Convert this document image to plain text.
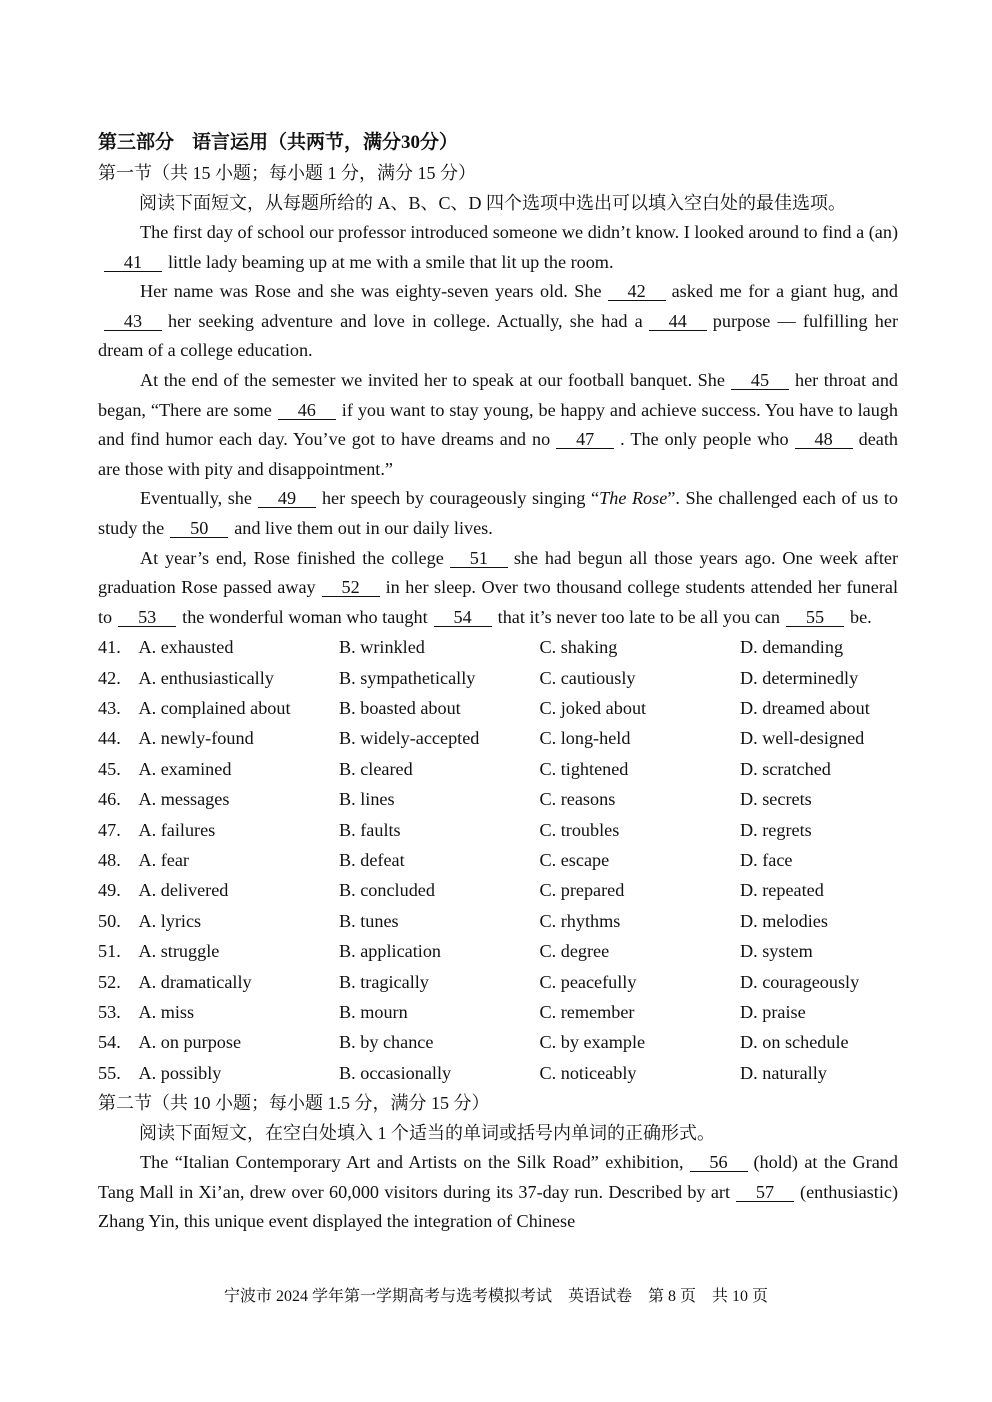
第三部分 语言运用（共两节，满分30分）
第一节（共 15 小题；每小题 1 分，满分 15 分）
阅读下面短文，从每题所给的 A、B、C、D 四个选项中选出可以填入空白处的最佳选项。

The first day of school our professor introduced someone we didn’t know. I looked around to find a (an)41 little lady beaming up at me with a smile that lit up the room.

Her name was Rose and she was eighty-seven years old. She 42 asked me for a giant hug, and43 her seeking adventure and love in college. Actually, she had a 44 purpose — fulfilling her dream of a college education.

At the end of the semester we invited her to speak at our football banquet. She 45 her throat and began, “There are some 46 if you want to stay young, be happy and achieve success. You have to laugh and find humor each day. You’ve got to have dreams and no 47 . The only people who 48 death are those with pity and disappointment.”

Eventually, she 49 her speech by courageously singing “The Rose”. She challenged each of us to study the 50 and live them out in our daily lives.

At year’s end, Rose finished the college 51 she had begun all those years ago. One week after graduation Rose passed away 52 in her sleep. Over two thousand college students attended her funeral to 53 the wonderful woman who taught 54 that it’s never too late to be all you can 55 be.

41. A. exhausted	B. wrinkled	C. shaking	D. demanding
42. A. enthusiastically	B. sympathetically	C. cautiously	D. determinedly
43. A. complained about	B. boasted about	C. joked about	D. dreamed about
44. A. newly-found	B. widely-accepted	C. long-held	D. well-designed
45. A. examined	B. cleared	C. tightened	D. scratched
46. A. messages	B. lines	C. reasons	D. secrets
47. A. failures	B. faults	C. troubles	D. regrets
48. A. fear	B. defeat	C. escape	D. face
49. A. delivered	B. concluded	C. prepared	D. repeated
50. A. lyrics	B. tunes	C. rhythms	D. melodies
51. A. struggle	B. application	C. degree	D. system
52. A. dramatically	B. tragically	C. peacefully	D. courageously
53. A. miss	B. mourn	C. remember	D. praise
54. A. on purpose	B. by chance	C. by example	D. on schedule
55. A. possibly	B. occasionally	C. noticeably	D. naturally
第二节（共 10 小题；每小题 1.5 分，满分 15 分）
阅读下面短文，在空白处填入 1 个适当的单词或括号内单词的正确形式。

The “Italian Contemporary Art and Artists on the Silk Road” exhibition, 56 (hold) at the Grand Tang Mall in Xi’an, drew over 60,000 visitors during its 37-day run. Described by art 57 (enthusiastic) Zhang Yin, this unique event displayed the integration of Chinese

宁波市 2024 学年第一学期高考与选考模拟考试　英语试卷　第 8 页　共 10 页
